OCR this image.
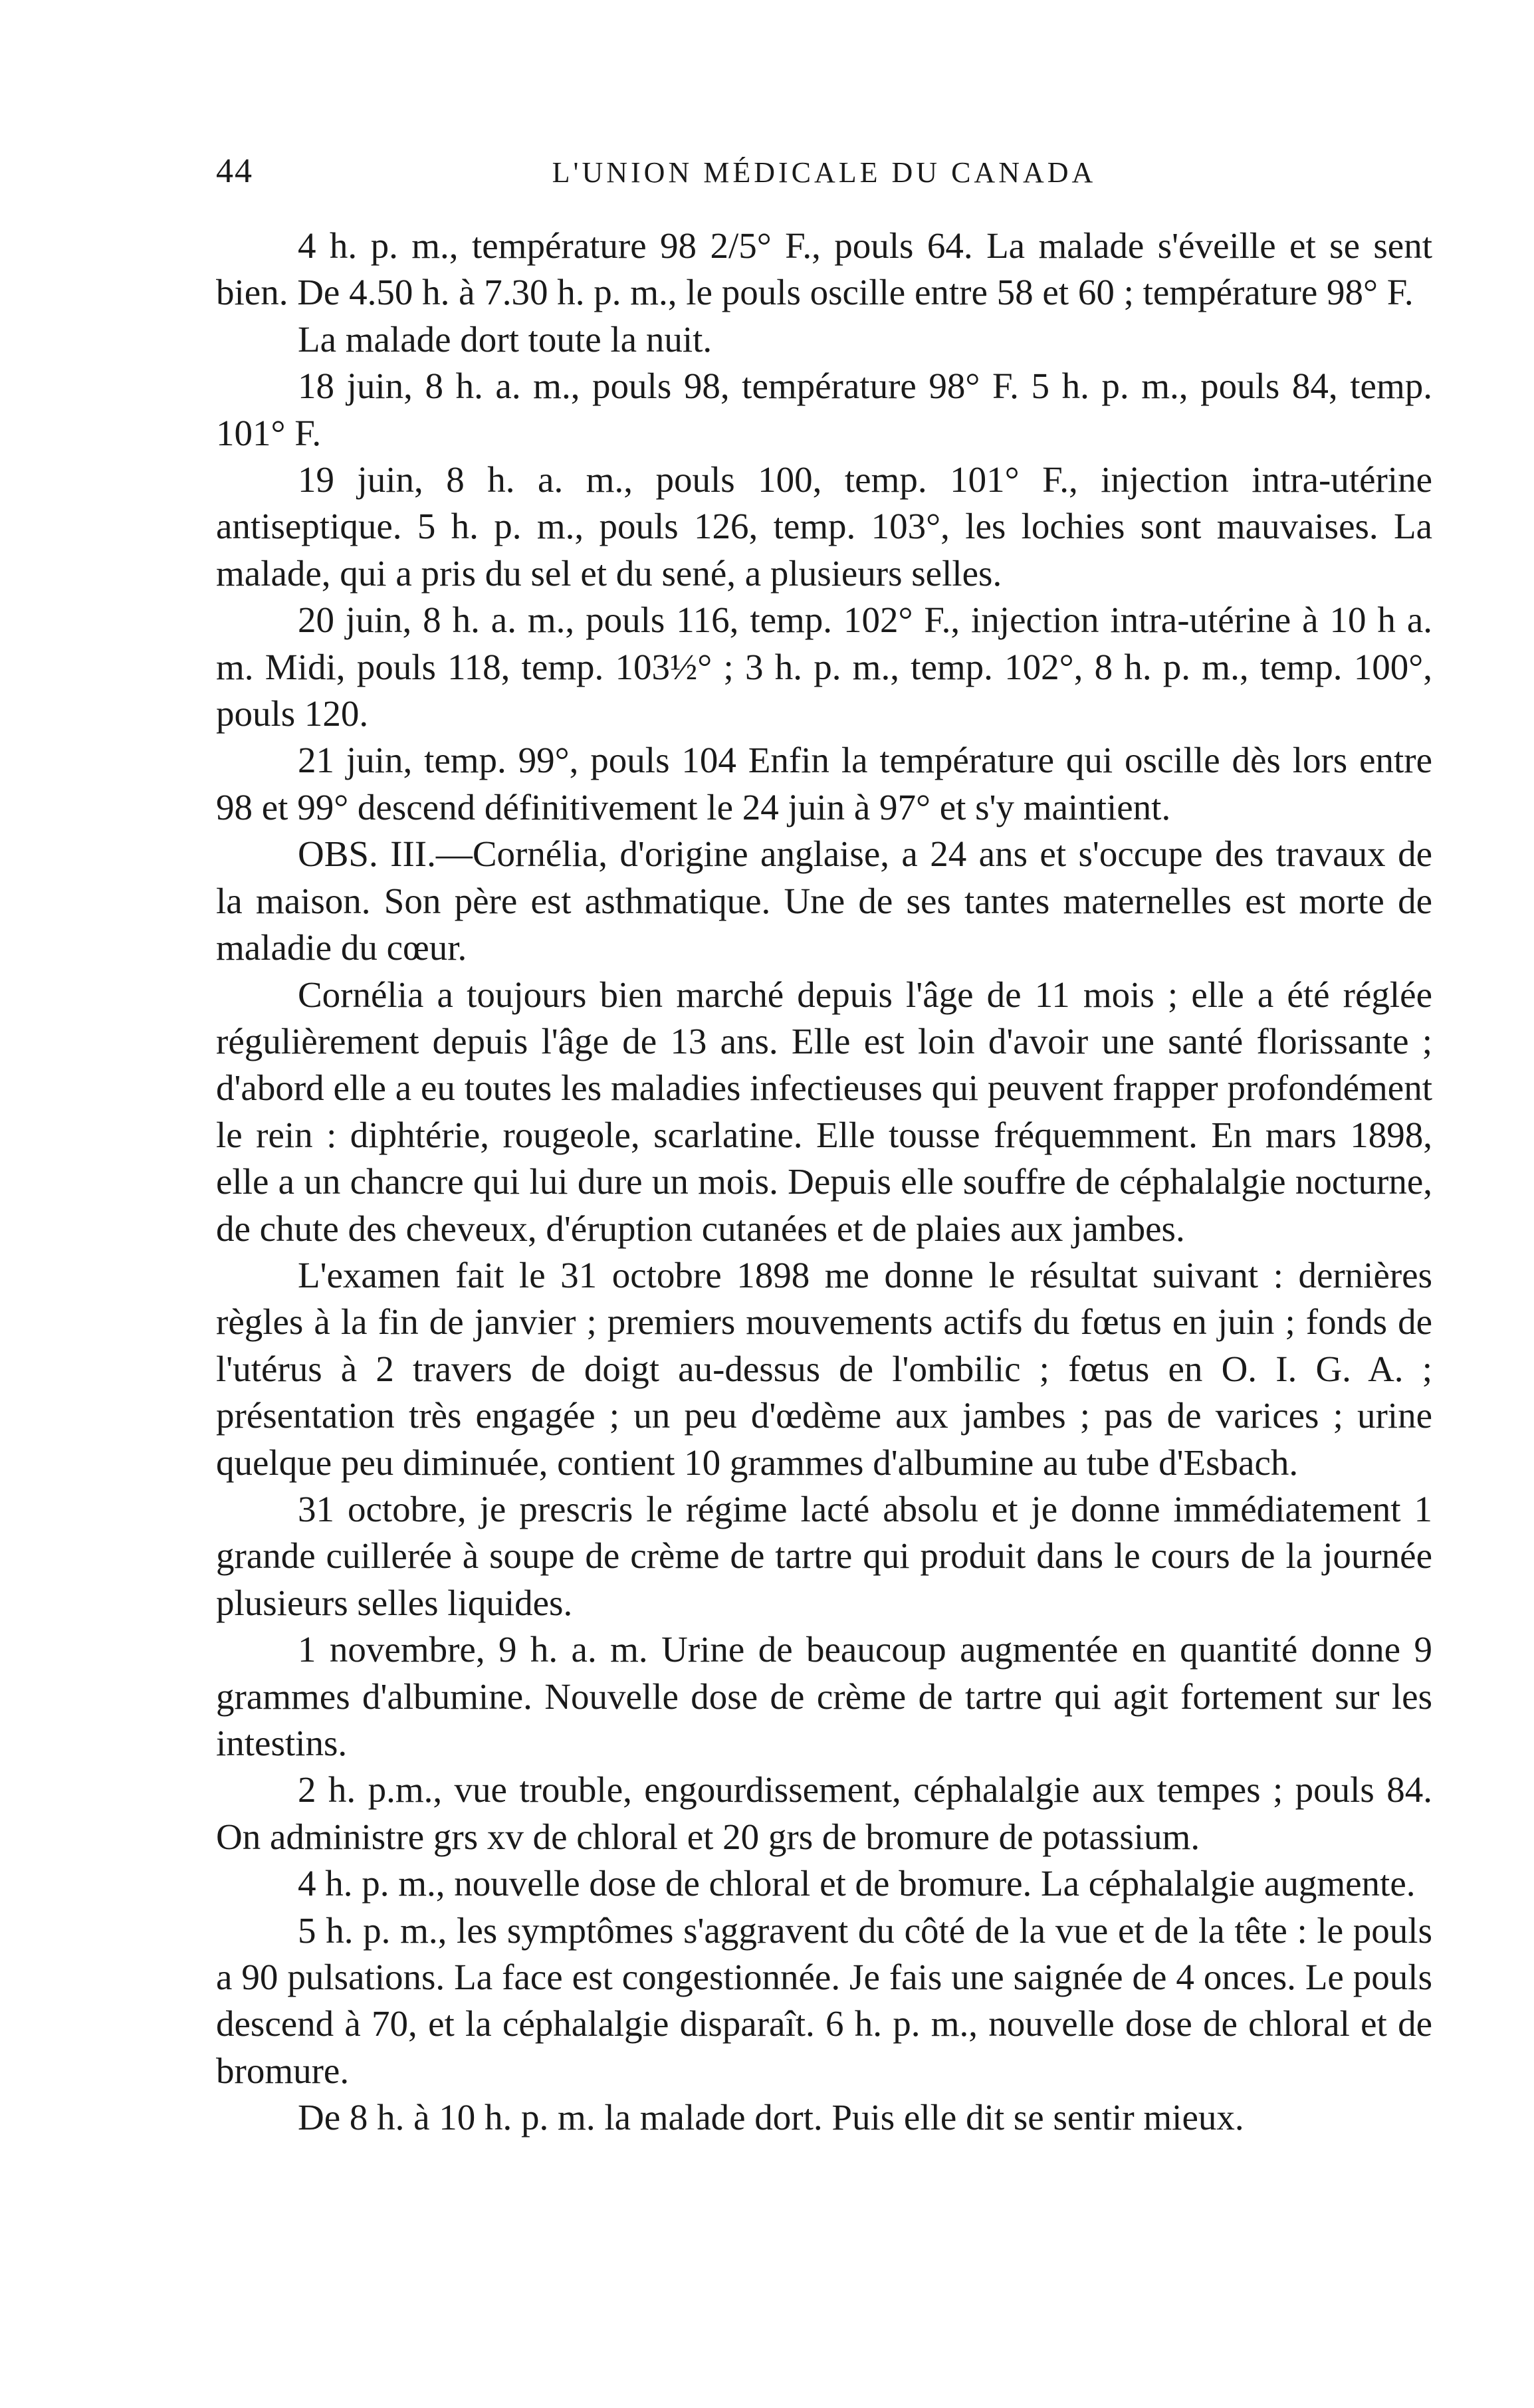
44	L'UNION MÉDICALE DU CANADA

4 h. p. m., température 98 2/5° F., pouls 64. La malade s'éveille et se sent bien. De 4.50 h. à 7.30 h. p. m., le pouls oscille entre 58 et 60 ; température 98° F.

La malade dort toute la nuit.

18 juin, 8 h. a. m., pouls 98, température 98° F. 5 h. p. m., pouls 84, temp. 101° F.

19 juin, 8 h. a. m., pouls 100, temp. 101° F., injection intra-utérine antiseptique. 5 h. p. m., pouls 126, temp. 103°, les lochies sont mauvaises. La malade, qui a pris du sel et du sené, a plusieurs selles.

20 juin, 8 h. a. m., pouls 116, temp. 102° F., injection intra-utérine à 10 h a. m. Midi, pouls 118, temp. 103½° ; 3 h. p. m., temp. 102°, 8 h. p. m., temp. 100°, pouls 120.

21 juin, temp. 99°, pouls 104 Enfin la température qui oscille dès lors entre 98 et 99° descend définitivement le 24 juin à 97° et s'y maintient.

OBS. III.—Cornélia, d'origine anglaise, a 24 ans et s'occupe des travaux de la maison. Son père est asthmatique. Une de ses tantes maternelles est morte de maladie du cœur.

Cornélia a toujours bien marché depuis l'âge de 11 mois ; elle a été réglée régulièrement depuis l'âge de 13 ans. Elle est loin d'avoir une santé florissante ; d'abord elle a eu toutes les maladies infectieuses qui peuvent frapper profondément le rein : diphtérie, rougeole, scarlatine. Elle tousse fréquemment. En mars 1898, elle a un chancre qui lui dure un mois. Depuis elle souffre de céphalalgie nocturne, de chute des cheveux, d'éruption cutanées et de plaies aux jambes.

L'examen fait le 31 octobre 1898 me donne le résultat suivant : dernières règles à la fin de janvier ; premiers mouvements actifs du fœtus en juin ; fonds de l'utérus à 2 travers de doigt au-dessus de l'ombilic ; fœtus en O. I. G. A. ; présentation très engagée ; un peu d'œdème aux jambes ; pas de varices ; urine quelque peu diminuée, contient 10 grammes d'albumine au tube d'Esbach.

31 octobre, je prescris le régime lacté absolu et je donne immédiatement 1 grande cuillerée à soupe de crème de tartre qui produit dans le cours de la journée plusieurs selles liquides.

1 novembre, 9 h. a. m. Urine de beaucoup augmentée en quantité donne 9 grammes d'albumine. Nouvelle dose de crème de tartre qui agit fortement sur les intestins.

2 h. p.m., vue trouble, engourdissement, céphalalgie aux tempes ; pouls 84. On administre grs xv de chloral et 20 grs de bromure de potassium.

4 h. p. m., nouvelle dose de chloral et de bromure. La céphalalgie augmente.

5 h. p. m., les symptômes s'aggravent du côté de la vue et de la tête : le pouls a 90 pulsations. La face est congestionnée. Je fais une saignée de 4 onces. Le pouls descend à 70, et la céphalalgie disparaît. 6 h. p. m., nouvelle dose de chloral et de bromure.

De 8 h. à 10 h. p. m. la malade dort. Puis elle dit se sentir mieux.
